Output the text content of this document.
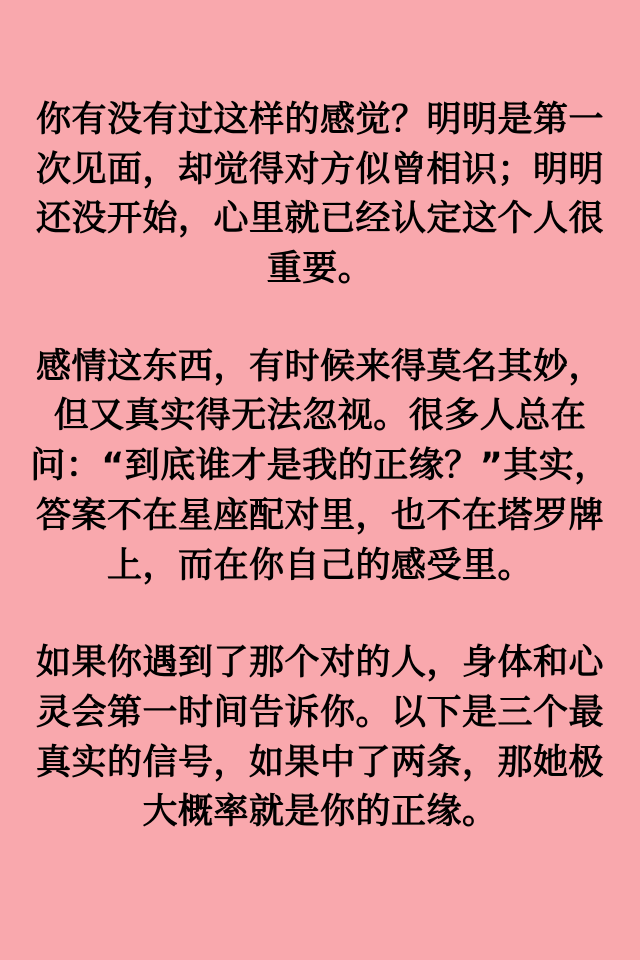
你有没有过这样的感觉？明明是第一次见面，却觉得对方似曾相识；明明还没开始，心里就已经认定这个人很重要。

感情这东西，有时候来得莫名其妙，但又真实得无法忽视。很多人总在问：“到底谁才是我的正缘？”其实，答案不在星座配对里，也不在塔罗牌上，而在你自己的感受里。

如果你遇到了那个对的人，身体和心灵会第一时间告诉你。以下是三个最真实的信号，如果中了两条，那她极大概率就是你的正缘。
